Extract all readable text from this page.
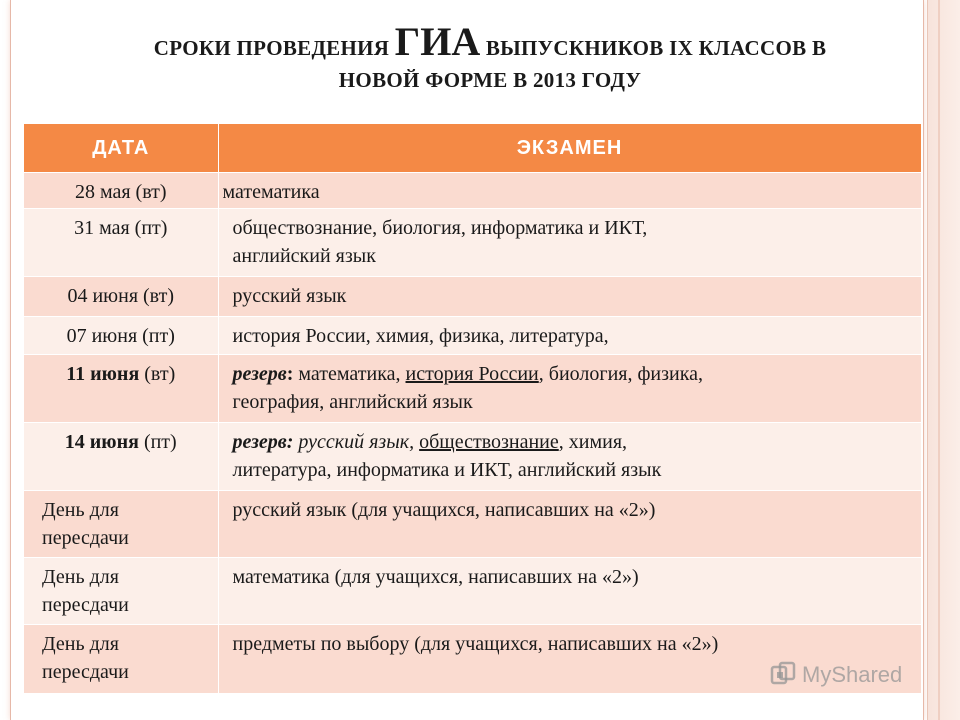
СРОКИ ПРОВЕДЕНИЯ ГИА ВЫПУСКНИКОВ IX КЛАССОВ В
НОВОЙ ФОРМЕ В 2013 ГОДУ
ДАТА	ЭКЗАМЕН
28 мая (вт)	математика
31 мая (пт)	обществознание, биология, информатика и ИКТ,
английский язык

04 июня (вт)	русский язык
07 июня (пт)	история России, химия, физика, литература,
11 июня (вт)	резерв: математика, история России, биология, физика,
география, английский язык

14 июня (пт)	резерв: русский язык, обществознание, химия,
литература, информатика и ИКТ, английский язык

День для
пересдачи	русский язык (для учащихся, написавших на «2»)

День для
пересдачи	математика (для учащихся, написавших на «2»)

День для
пересдачи	предметы по выбору (для учащихся, написавших на «2»)
MyShared
